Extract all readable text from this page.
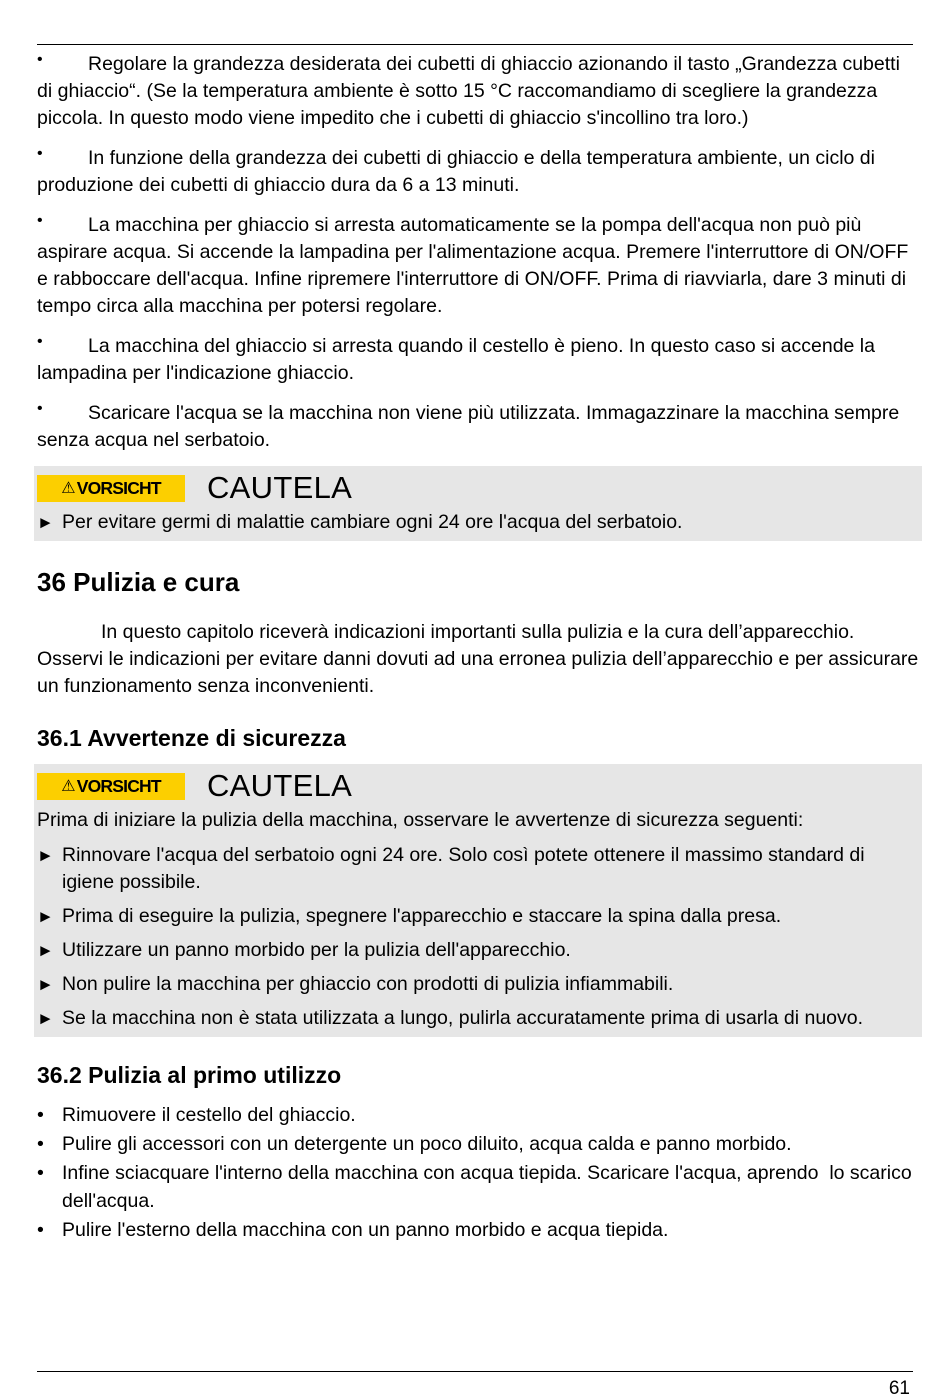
•	Regolare la grandezza desiderata dei cubetti di ghiaccio azionando il tasto „Grandezza cubetti di ghiaccio“. (Se la temperatura ambiente è sotto 15 °C raccomandiamo di scegliere la grandezza piccola. In questo modo viene impedito che i cubetti di ghiaccio s'incollino tra loro.)

•	In funzione della grandezza dei cubetti di ghiaccio e della temperatura ambiente, un ciclo di produzione dei cubetti di ghiaccio dura da 6 a 13 minuti.

•	La macchina per ghiaccio si arresta automaticamente se la pompa dell'acqua non può più aspirare acqua. Si accende la lampadina per l'alimentazione acqua. Premere l'interruttore di ON/OFF e rabboccare dell'acqua. Infine ripremere l'interruttore di ON/OFF. Prima di riavviarla, dare 3 minuti di tempo circa alla macchina per potersi regolare.

•	La macchina del ghiaccio si arresta quando il cestello è pieno. In questo caso si accende la lampadina per l'indicazione ghiaccio.

•	Scaricare l'acqua se la macchina non viene più utilizzata. Immagazzinare la macchina sempre senza acqua nel serbatoio.

⚠ VORSICHT CAUTELA
► Per evitare germi di malattie cambiare ogni 24 ore l'acqua del serbatoio.
36 Pulizia e cura

In questo capitolo riceverà indicazioni importanti sulla pulizia e la cura dell’apparecchio. Osservi le indicazioni per evitare danni dovuti ad una erronea pulizia dell’apparecchio e per assicurare un funzionamento senza inconvenienti.

36.1 Avvertenze di sicurezza
⚠ VORSICHT CAUTELA

Prima di iniziare la pulizia della macchina, osservare le avvertenze di sicurezza seguenti:

► Rinnovare l'acqua del serbatoio ogni 24 ore. Solo così potete ottenere il massimo standard di igiene possibile.
► Prima di eseguire la pulizia, spegnere l'apparecchio e staccare la spina dalla presa.
► Utilizzare un panno morbido per la pulizia dell'apparecchio.
► Non pulire la macchina per ghiaccio con prodotti di pulizia infiammabili.
► Se la macchina non è stata utilizzata a lungo, pulirla accuratamente prima di usarla di nuovo.
36.2 Pulizia al primo utilizzo
• Rimuovere il cestello del ghiaccio.
• Pulire gli accessori con un detergente un poco diluito, acqua calda e panno morbido.
• Infine sciacquare l'interno della macchina con acqua tiepida. Scaricare l'acqua, aprendo  lo scarico dell'acqua.
• Pulire l'esterno della macchina con un panno morbido e acqua tiepida.
61
